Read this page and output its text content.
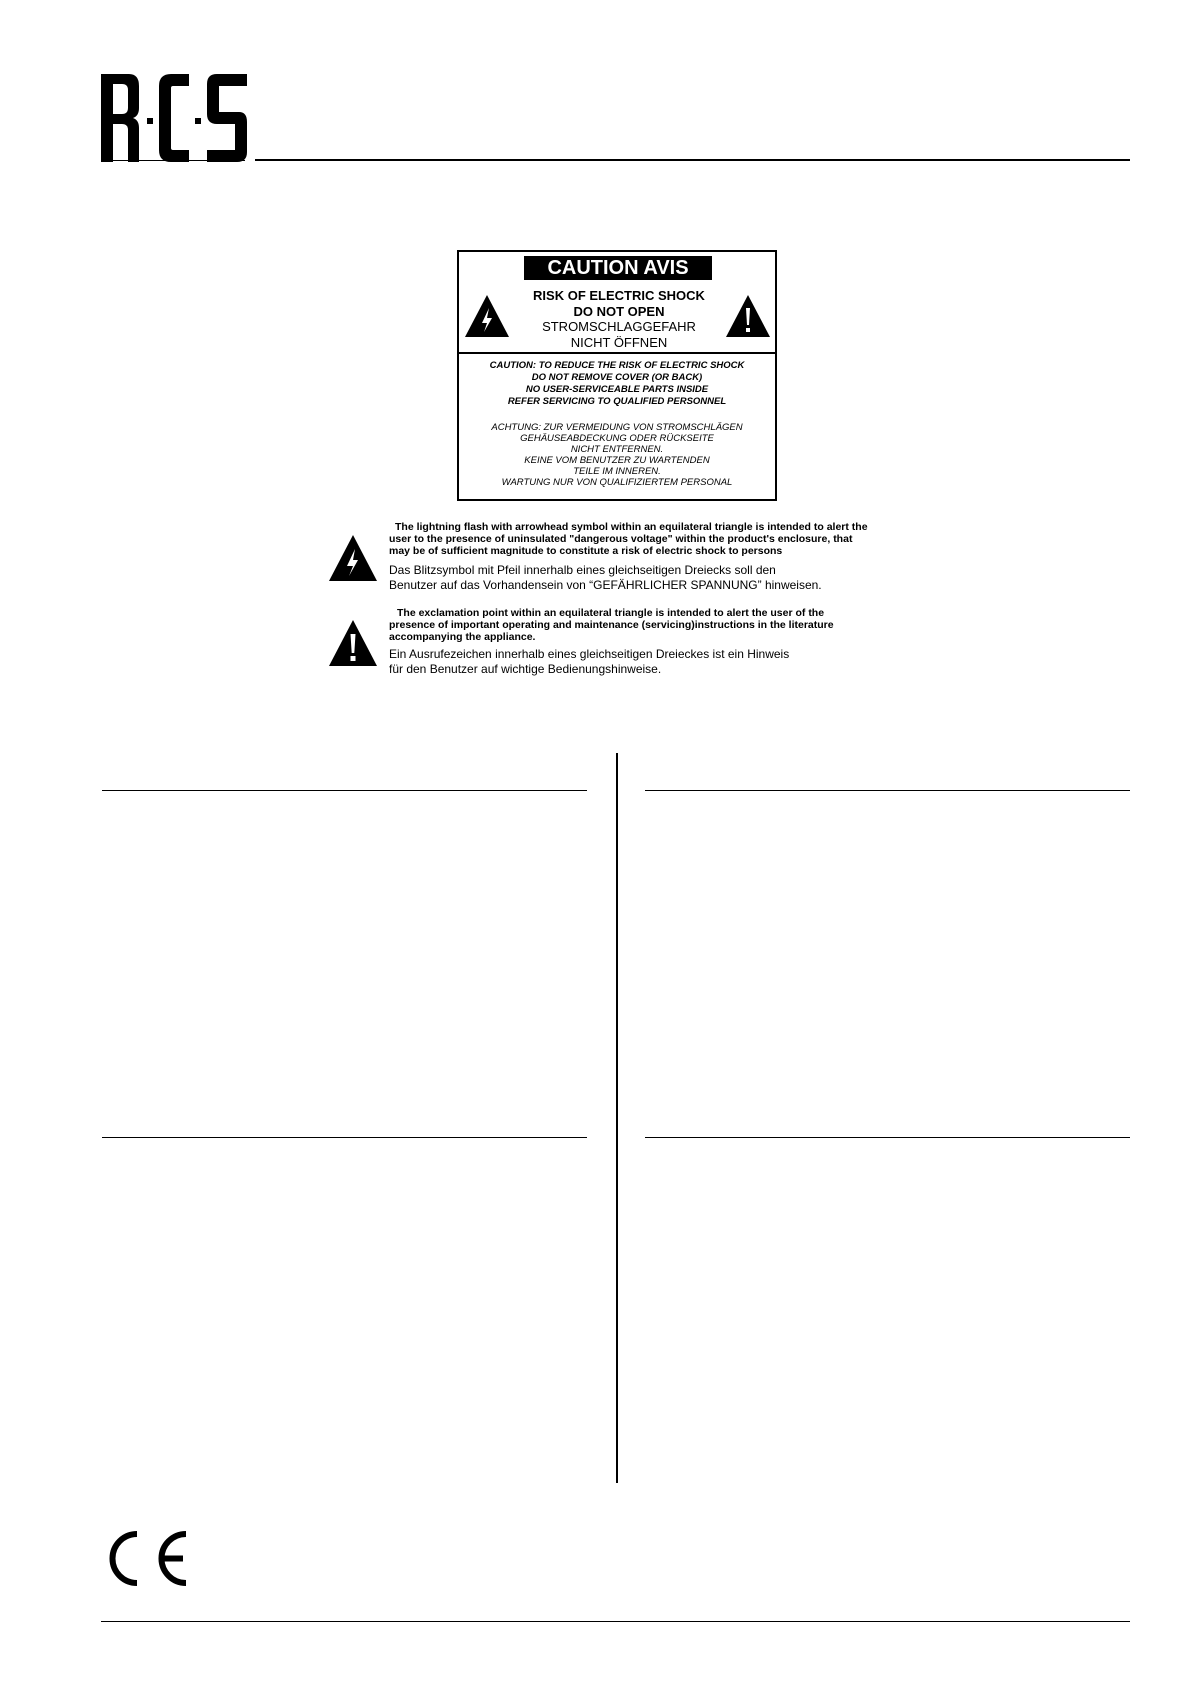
CAUTION AVIS
RISK OF ELECTRIC SHOCK
DO NOT OPEN
STROMSCHLAGGEFAHR
NICHT ÖFFNEN
CAUTION: TO REDUCE THE RISK OF ELECTRIC SHOCK
DO NOT REMOVE COVER (OR BACK)
NO USER-SERVICEABLE PARTS INSIDE
REFER SERVICING TO QUALIFIED PERSONNEL
ACHTUNG: ZUR VERMEIDUNG VON STROMSCHLÄGEN
GEHÄUSEABDECKUNG ODER RÜCKSEITE
NICHT ENTFERNEN.
KEINE VOM BENUTZER ZU WARTENDEN
TEILE IM INNEREN.
WARTUNG NUR VON QUALIFIZIERTEM PERSONAL
The lightning flash with arrowhead symbol within an equilateral triangle is intended to alert the
user to the presence of uninsulated "dangerous voltage" within the product's enclosure, that
may be of sufficient magnitude to constitute a risk of electric shock to persons
Das Blitzsymbol mit Pfeil innerhalb eines gleichseitigen Dreiecks soll den
Benutzer auf das Vorhandensein von “GEFÄHRLICHER SPANNUNG” hinweisen.
The exclamation point within an equilateral triangle is intended to alert the user of the
presence of important operating and maintenance (servicing)instructions in the literature
accompanying the appliance.
Ein Ausrufezeichen innerhalb eines gleichseitigen Dreieckes ist ein Hinweis
für den Benutzer auf wichtige Bedienungshinweise.
